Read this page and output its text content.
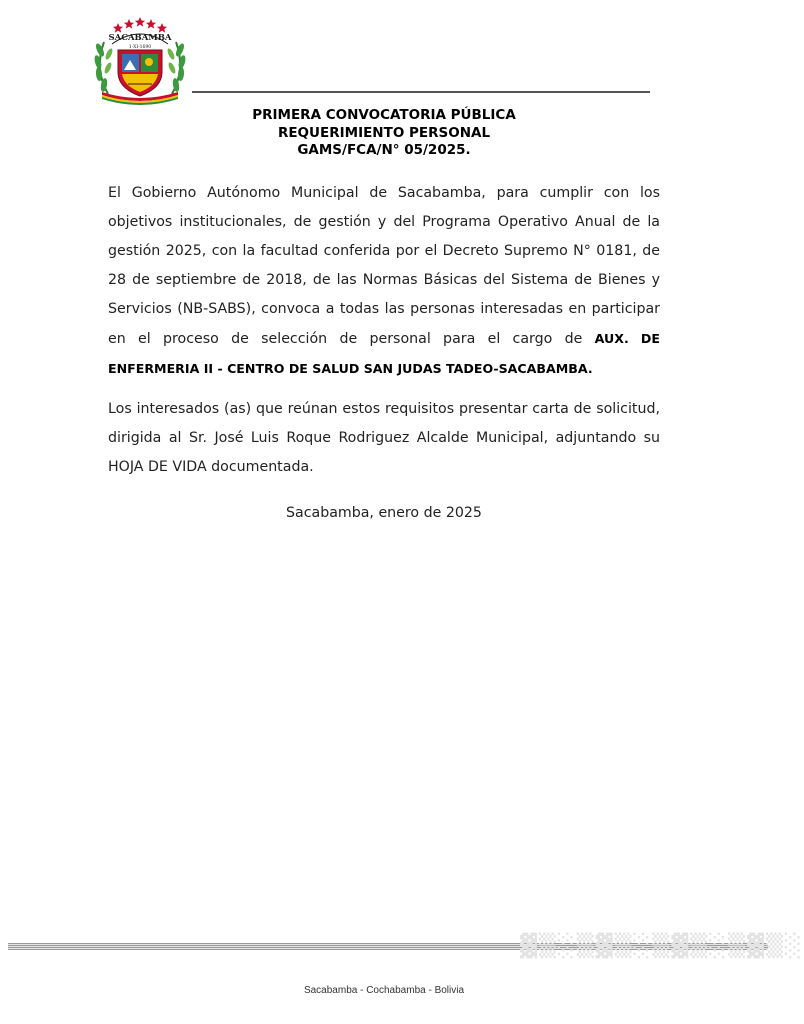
SACABAMBA
1-XI-1690
PRIMERA CONVOCATORIA PÚBLICA
REQUERIMIENTO PERSONAL
GAMS/FCA/N° 05/2025.
El Gobierno Autónomo Municipal de Sacabamba, para cumplir con los objetivos institucionales, de gestión y del Programa Operativo Anual de la gestión 2025, con la facultad conferida por el Decreto Supremo N° 0181, de 28 de septiembre de 2018, de las Normas Básicas del Sistema de Bienes y Servicios (NB-SABS), convoca a todas las personas interesadas en participar en el proceso de selección de personal para el cargo de AUX. DE ENFERMERIA II - CENTRO DE SALUD SAN JUDAS TADEO-SACABAMBA.
Los interesados (as) que reúnan estos requisitos presentar carta de solicitud, dirigida al Sr. José Luis Roque Rodriguez Alcalde Municipal, adjuntando su HOJA DE VIDA documentada.
Sacabamba, enero de 2025
▓▒░▒▓▒░▒▓▒░▒▓▒░
Sacabamba - Cochabamba - Bolivia
